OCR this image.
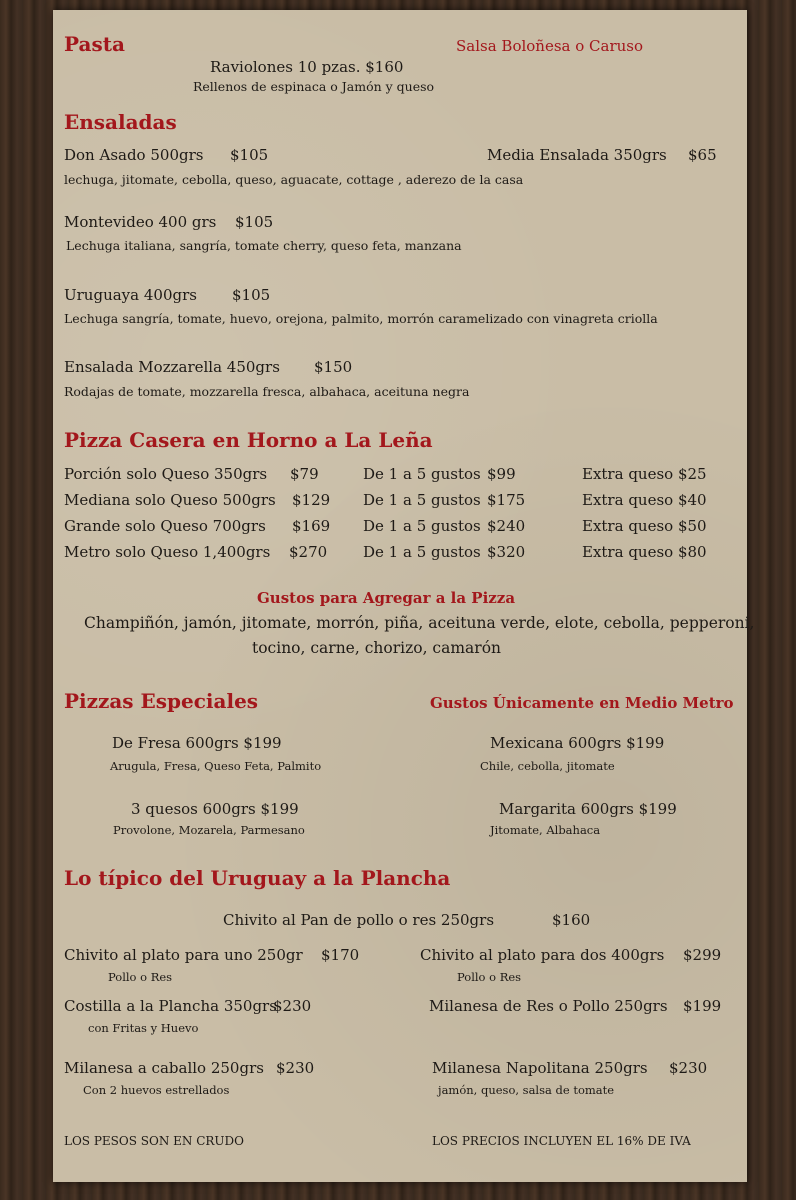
Pasta	Salsa Boloñesa o Caruso
Raviolones 10 pzas. $160
Rellenos de espinaca o Jamón y queso
Ensaladas
Don Asado 500grs $105	Media Ensalada 350grs $65
lechuga, jitomate, cebolla, queso, aguacate, cottage , aderezo de la casa
Montevideo 400 grs $105
Lechuga italiana, sangría, tomate cherry, queso feta, manzana
Uruguaya 400grs $105
Lechuga sangría, tomate, huevo, orejona, palmito, morrón caramelizado con vinagreta criolla
Ensalada Mozzarella 450grs $150
Rodajas de tomate, mozzarella fresca, albahaca, aceituna negra
Pizza Casera en Horno a La Leña
Porción solo Queso 350grs $79	De 1 a 5 gustos $99	Extra queso $25
Mediana solo Queso 500grs $129 De 1 a 5 gustos $175	Extra queso $40
Grande solo Queso 700grs $169 De 1 a 5 gustos $240	Extra queso $50
Metro solo Queso 1,400grs $270 De 1 a 5 gustos $320	Extra queso $80
Gustos para Agregar a la Pizza
Champiñón, jamón, jitomate, morrón, piña, aceituna verde, elote, cebolla, pepperoni,
tocino, carne, chorizo, camarón
Pizzas Especiales	Gustos Únicamente en Medio Metro
De Fresa 600grs $199
Arugula, Fresa, Queso Feta, Palmito
Mexicana 600grs $199
Chile, cebolla, jitomate
3 quesos 600grs $199
Provolone, Mozarela, Parmesano
Margarita 600grs $199
Jitomate, Albahaca
Lo típico del Uruguay a la Plancha
Chivito al Pan de pollo o res 250grs	$160
Chivito al plato para uno 250gr $170
Pollo o Res
Chivito al plato para dos 400grs $299
Pollo o Res
Costilla a la Plancha 350grs
$230
con Fritas y Huevo
Milanesa de Res o Pollo 250grs $199
Milanesa a caballo 250grs $230
Con 2 huevos estrellados
Milanesa Napolitana 250grs $230
jamón, queso, salsa de tomate
LOS PESOS SON EN CRUDO	LOS PRECIOS INCLUYEN EL 16% DE IVA
